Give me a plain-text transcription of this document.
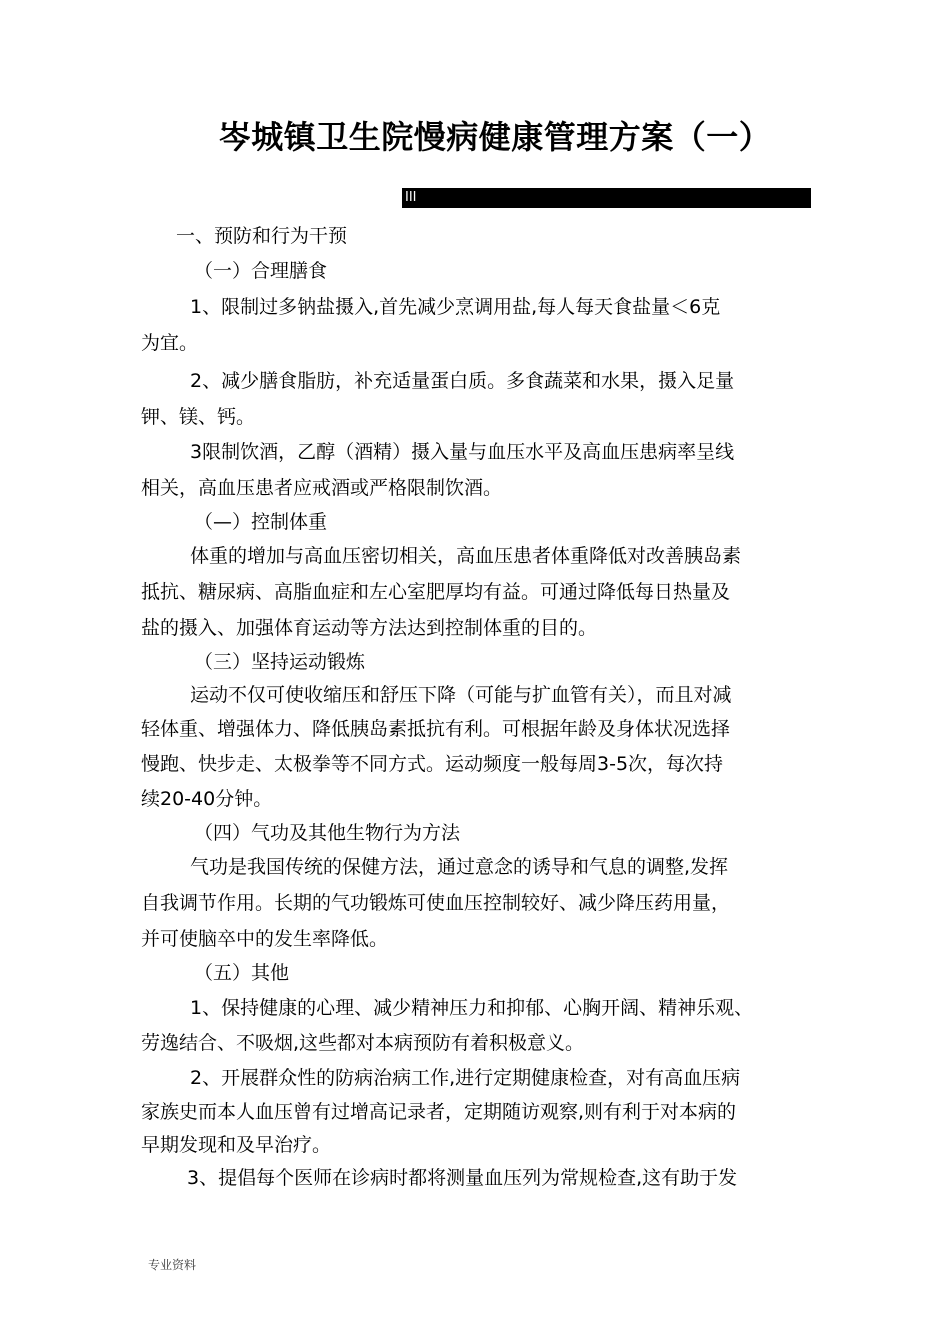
岑城镇卫生院慢病健康管理方案（一）
III
一、预防和行为干预
（一）合理膳食
1、限制过多钠盐摄入,首先减少烹调用盐,每人每天食盐量＜6克
为宜。
2、减少膳食脂肪，补充适量蛋白质。多食蔬菜和水果，摄入足量
钾、镁、钙。
3限制饮酒，乙醇（酒精）摄入量与血压水平及高血压患病率呈线
相关，高血压患者应戒酒或严格限制饮酒。
（—）控制体重
体重的增加与高血压密切相关，高血压患者体重降低对改善胰岛素
抵抗、糖尿病、高脂血症和左心室肥厚均有益。可通过降低每日热量及
盐的摄入、加强体育运动等方法达到控制体重的目的。
（三）坚持运动锻炼
运动不仅可使收缩压和舒压下降（可能与扩血管有关），而且对减
轻体重、增强体力、降低胰岛素抵抗有利。可根据年龄及身体状况选择
慢跑、快步走、太极拳等不同方式。运动频度一般每周3-5次，每次持
续20-40分钟。
（四）气功及其他生物行为方法
气功是我国传统的保健方法，通过意念的诱导和气息的调整,发挥
自我调节作用。长期的气功锻炼可使血压控制较好、减少降压药用量，
并可使脑卒中的发生率降低。
（五）其他
1、保持健康的心理、减少精神压力和抑郁、心胸开阔、精神乐观、
劳逸结合、不吸烟,这些都对本病预防有着积极意义。
2、开展群众性的防病治病工作,进行定期健康检查，对有高血压病
家族史而本人血压曾有过增高记录者，定期随访观察,则有利于对本病的
早期发现和及早治疗。
3、提倡每个医师在诊病时都将测量血压列为常规检查,这有助于发
专业资料
